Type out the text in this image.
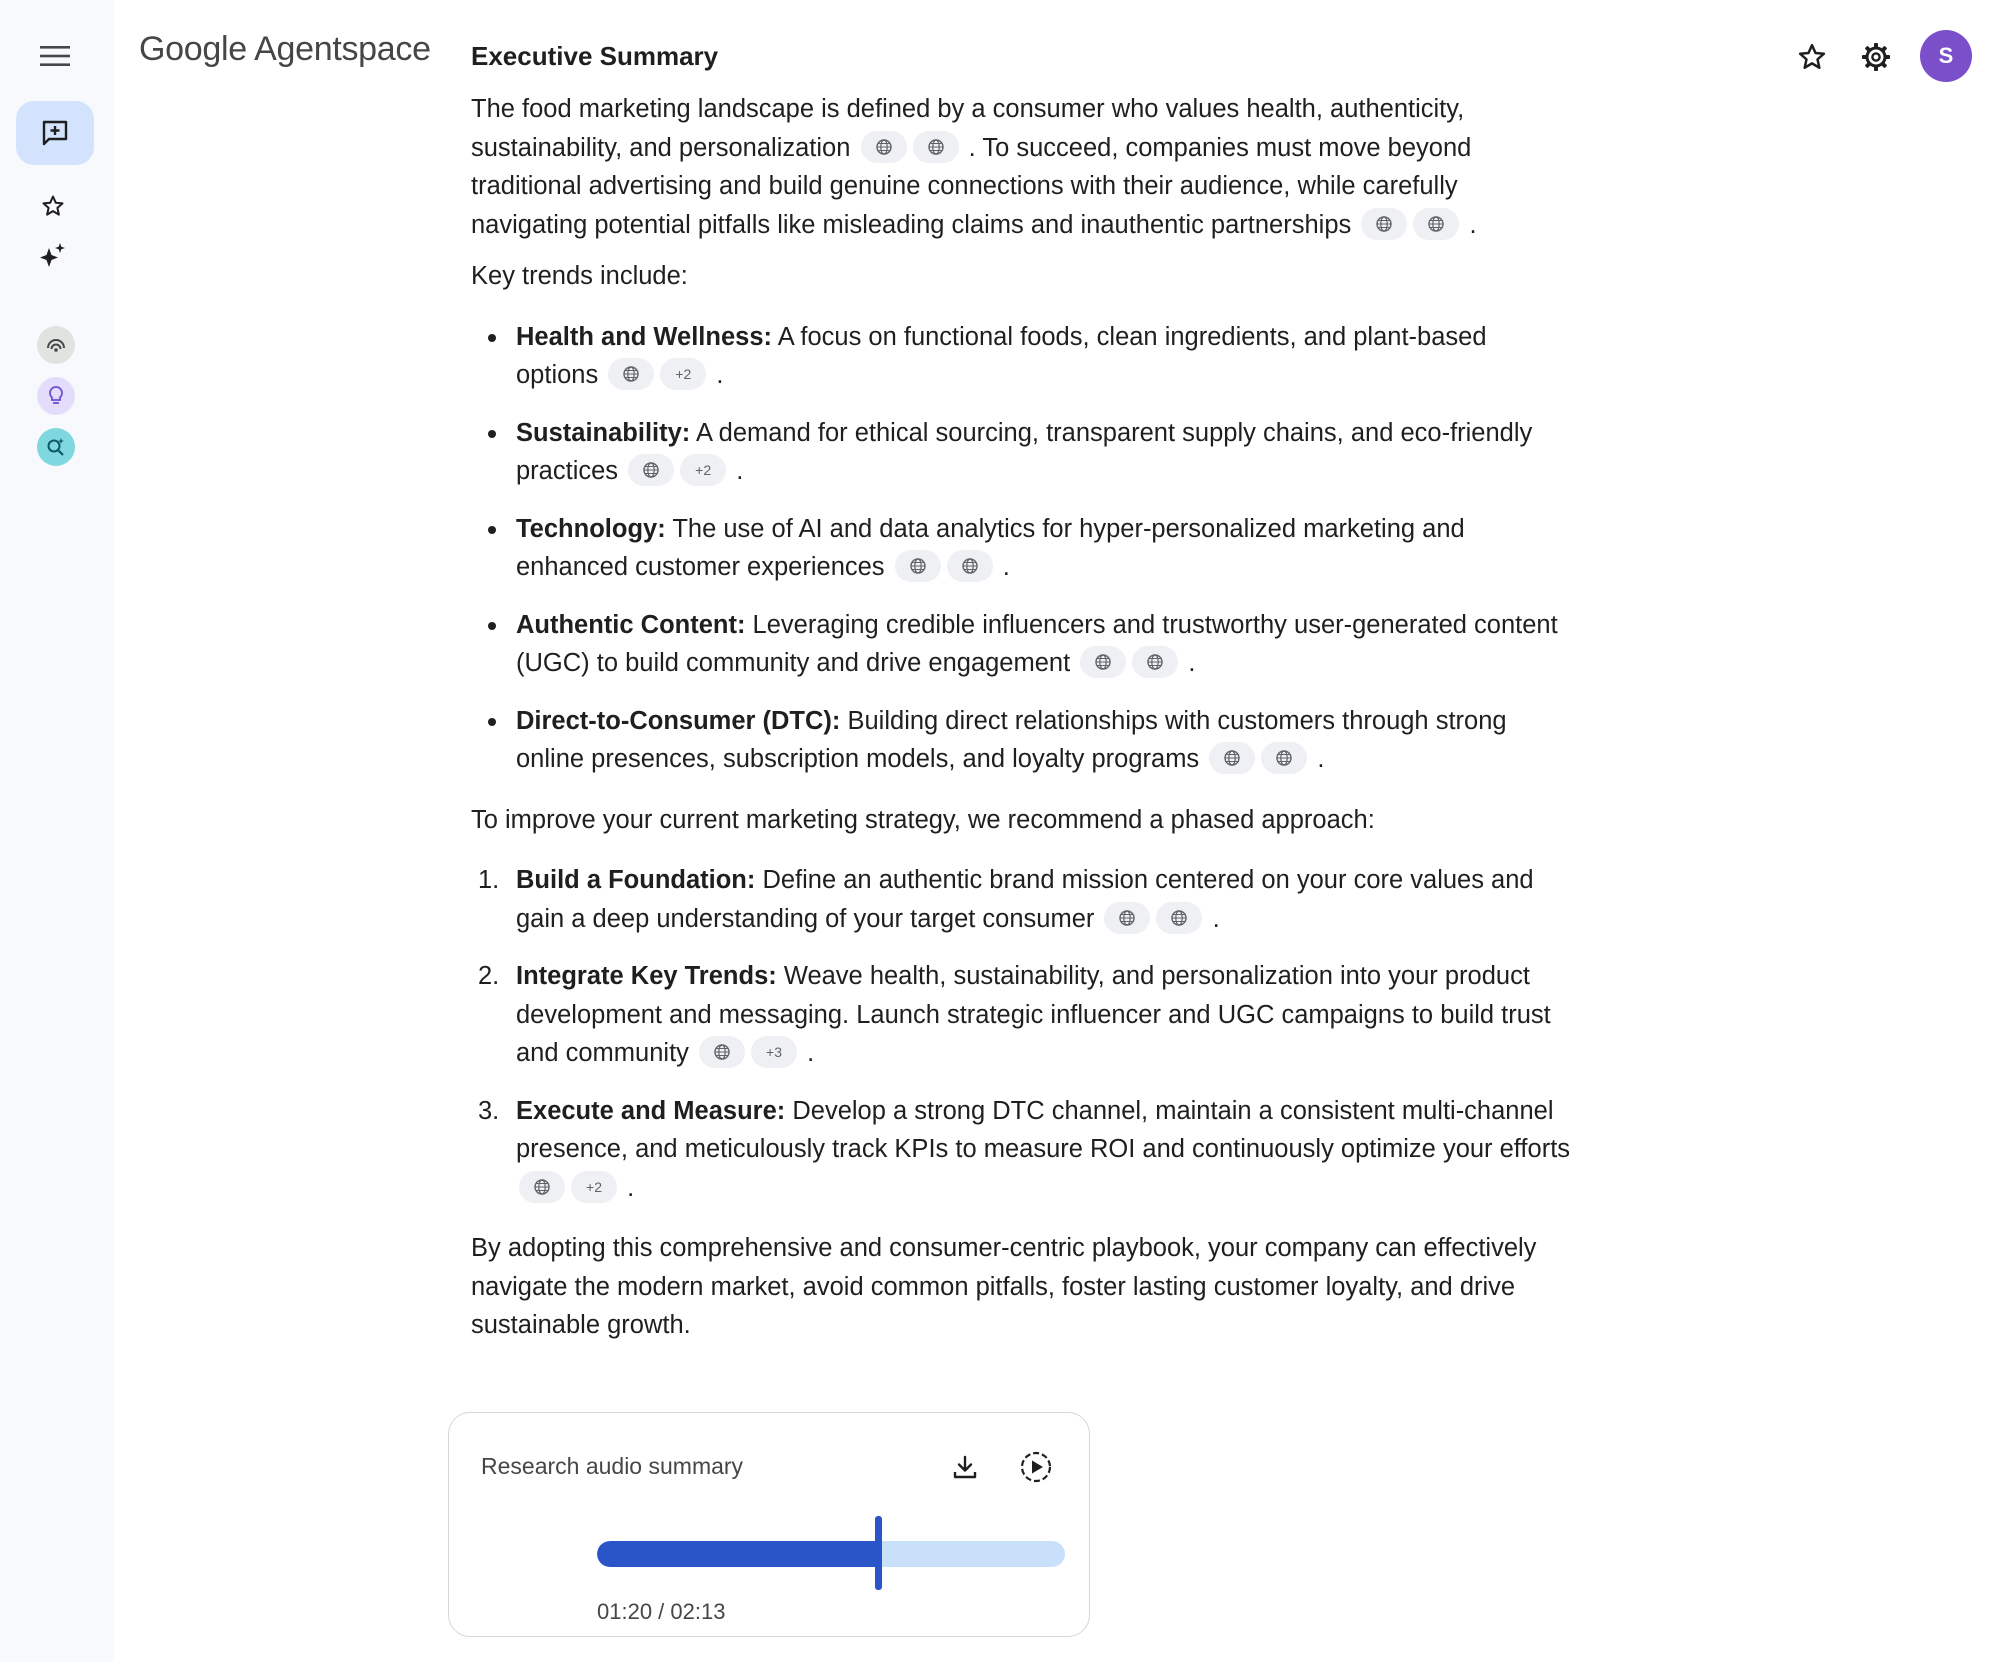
Google Agentspace	S
Executive Summary

The food marketing landscape is defined by a consumer who values health, authenticity, sustainability, and personalization	. To succeed, companies must move beyond traditional advertising and build genuine connections with their audience, while carefully navigating potential pitfalls like misleading claims and inauthentic partnerships	.

Key trends include:

Health and Wellness: A focus on functional foods, clean ingredients, and plant-based options	+2 .
Sustainability: A demand for ethical sourcing, transparent supply chains, and eco-friendly practices	+2 .
Technology: The use of AI and data analytics for hyper-personalized marketing and enhanced customer experiences	.
Authentic Content: Leveraging credible influencers and trustworthy user-generated content (UGC) to build community and drive engagement	.
Direct-to-Consumer (DTC): Building direct relationships with customers through strong online presences, subscription models, and loyalty programs	.

To improve your current marketing strategy, we recommend a phased approach:

1. Build a Foundation: Define an authentic brand mission centered on your core values and gain a deep understanding of your target consumer	.
2. Integrate Key Trends: Weave health, sustainability, and personalization into your product development and messaging. Launch strategic influencer and UGC campaigns to build trust and community	+3 .
3. Execute and Measure: Develop a strong DTC channel, maintain a consistent multi-channel presence, and meticulously track KPIs to measure ROI and continuously optimize your efforts
+2 .

By adopting this comprehensive and consumer-centric playbook, your company can effectively navigate the modern market, avoid common pitfalls, foster lasting customer loyalty, and drive sustainable growth.

Research audio summary
01:20 / 02:13
